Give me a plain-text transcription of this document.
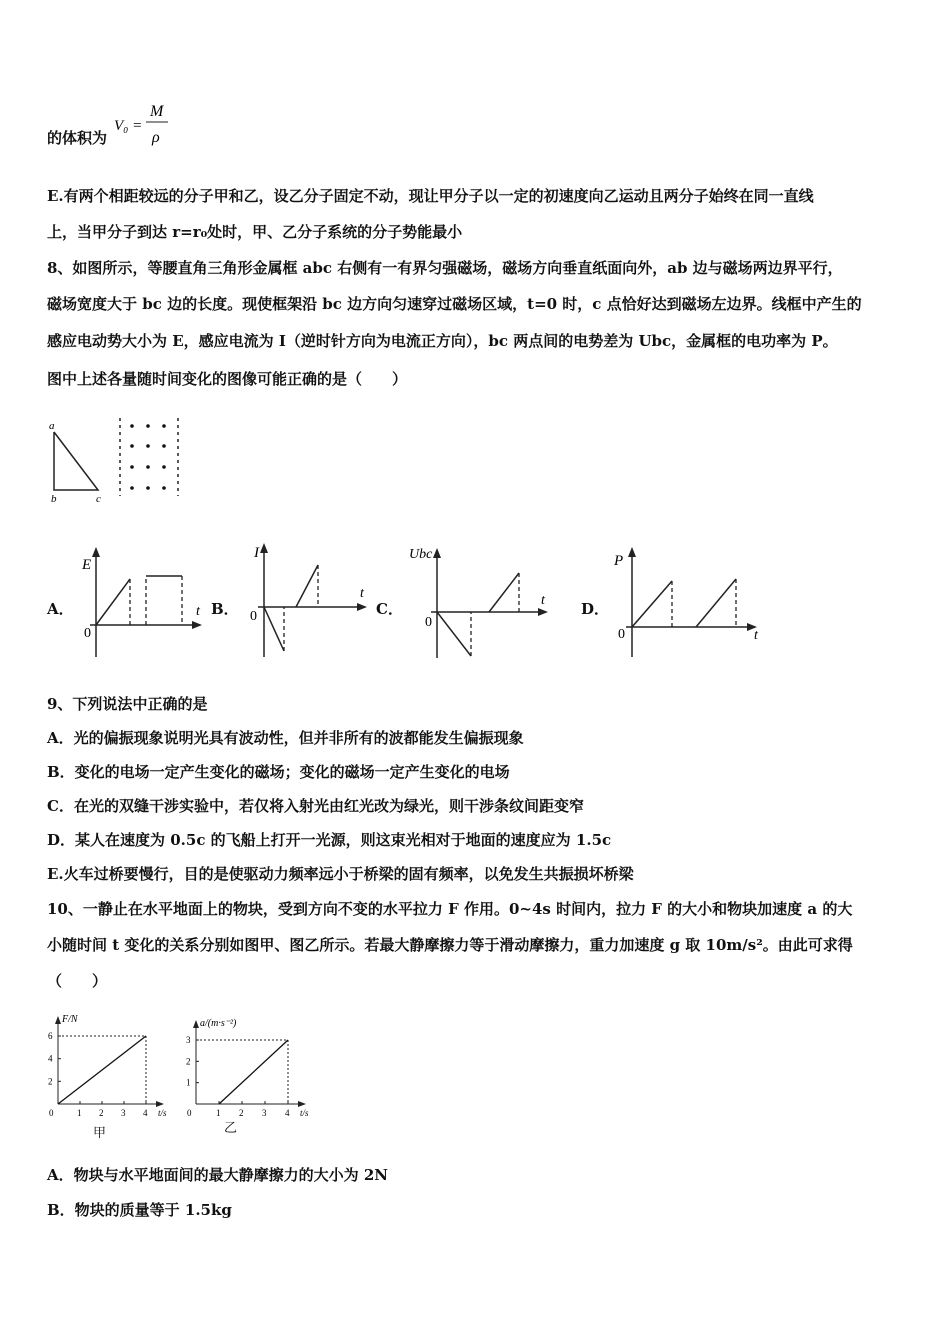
的体积为
V₀ =
M
ρ
E.有两个相距较远的分子甲和乙，设乙分子固定不动，现让甲分子以一定的初速度向乙运动且两分子始终在同一直线
上，当甲分子到达 r=r₀处时，甲、乙分子系统的分子势能最小
8、如图所示，等腰直角三角形金属框 abc 右侧有一有界匀强磁场，磁场方向垂直纸面向外，ab 边与磁场两边界平行，
磁场宽度大于 bc 边的长度。现使框架沿 bc 边方向匀速穿过磁场区域，t=0 时，c 点恰好达到磁场左边界。线框中产生的
感应电动势大小为 E，感应电流为 I（逆时针方向为电流正方向），bc 两点间的电势差为 Ubc，金属框的电功率为 P。
图中上述各量随时间变化的图像可能正确的是（　　）
a
b	c
A．
E
t
0
B．
I
t
0	C．
Ubc
t
0
D．
P
t
0
9、下列说法中正确的是
A．光的偏振现象说明光具有波动性，但并非所有的波都能发生偏振现象
B．变化的电场一定产生变化的磁场；变化的磁场一定产生变化的电场
C．在光的双缝干涉实验中，若仅将入射光由红光改为绿光，则干涉条纹间距变窄
D．某人在速度为 0.5c 的飞船上打开一光源，则这束光相对于地面的速度应为 1.5c
E.火车过桥要慢行，目的是使驱动力频率远小于桥梁的固有频率，以免发生共振损坏桥梁
10、一静止在水平地面上的物块，受到方向不变的水平拉力 F 作用。0~4s 时间内，拉力 F 的大小和物块加速度 a 的大
小随时间 t 变化的关系分别如图甲、图乙所示。若最大静摩擦力等于滑动摩擦力，重力加速度 g 取 10m/s²。由此可求得
（　　）
0	1 2 3 4
2
4
6
F/N
t/s
甲
0	1 2 3 4
1
2
3
a/(m·s⁻²)
t/s
乙
A．物块与水平地面间的最大静摩擦力的大小为 2N
B．物块的质量等于 1.5kg
